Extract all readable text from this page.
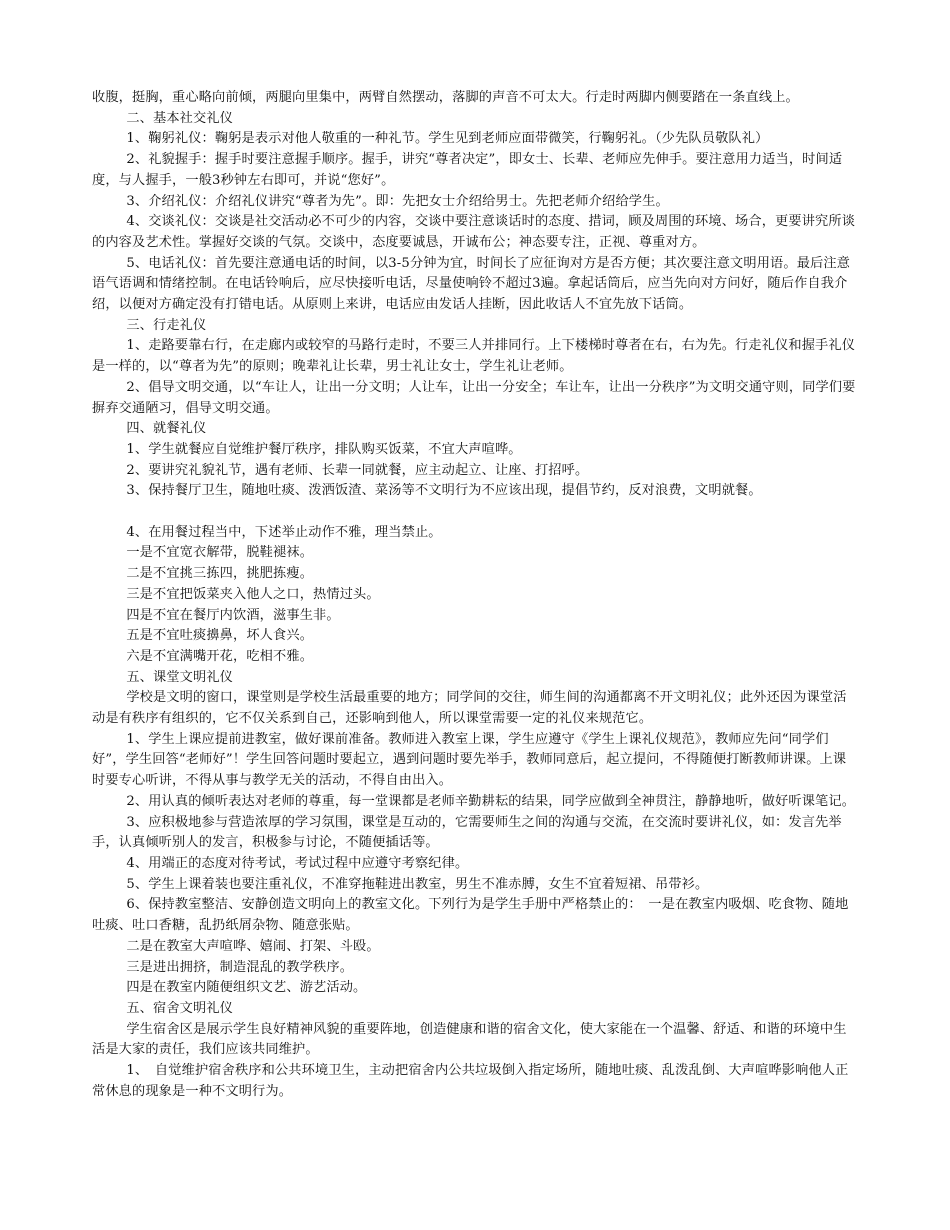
收腹，挺胸，重心略向前倾，两腿向里集中，两臂自然摆动，落脚的声音不可太大。行走时两脚内侧要踏在一条直线上。

二、基本社交礼仪

1、鞠躬礼仪：鞠躬是表示对他人敬重的一种礼节。学生见到老师应面带微笑，行鞠躬礼。（少先队员敬队礼）

2、礼貌握手：握手时要注意握手顺序。握手，讲究“尊者决定”，即女士、长辈、老师应先伸手。要注意用力适当，时间适度，与人握手，一般3秒钟左右即可，并说“您好”。

3、介绍礼仪：介绍礼仪讲究“尊者为先”。即：先把女士介绍给男士。先把老师介绍给学生。

4、交谈礼仪：交谈是社交活动必不可少的内容，交谈中要注意谈话时的态度、措词，顾及周围的环境、场合，更要讲究所谈的内容及艺术性。掌握好交谈的气氛。交谈中，态度要诚恳，开诚布公；神态要专注，正视、尊重对方。

5、电话礼仪：首先要注意通电话的时间，以3-5分钟为宜，时间长了应征询对方是否方便；其次要注意文明用语。最后注意语气语调和情绪控制。在电话铃响后，应尽快接听电话，尽量使响铃不超过3遍。拿起话筒后，应当先向对方问好，随后作自我介绍，以便对方确定没有打错电话。从原则上来讲，电话应由发话人挂断，因此收话人不宜先放下话筒。

三、行走礼仪

1、走路要靠右行，在走廊内或较窄的马路行走时，不要三人并排同行。上下楼梯时尊者在右，右为先。行走礼仪和握手礼仪是一样的，以“尊者为先”的原则；晚辈礼让长辈，男士礼让女士，学生礼让老师。

2、倡导文明交通，以“车让人，让出一分文明；人让车，让出一分安全；车让车，让出一分秩序”为文明交通守则，同学们要摒弃交通陋习，倡导文明交通。

四、就餐礼仪

1、学生就餐应自觉维护餐厅秩序，排队购买饭菜，不宜大声喧哗。

2、要讲究礼貌礼节，遇有老师、长辈一同就餐，应主动起立、让座、打招呼。

3、保持餐厅卫生，随地吐痰、泼洒饭渣、菜汤等不文明行为不应该出现，提倡节约，反对浪费，文明就餐。

4、在用餐过程当中，下述举止动作不雅，理当禁止。

一是不宜宽衣解带，脱鞋褪袜。

二是不宜挑三拣四，挑肥拣瘦。

三是不宜把饭菜夹入他人之口，热情过头。

四是不宜在餐厅内饮酒，滋事生非。

五是不宜吐痰擤鼻，坏人食兴。

六是不宜满嘴开花，吃相不雅。

五、课堂文明礼仪

学校是文明的窗口，课堂则是学校生活最重要的地方；同学间的交往，师生间的沟通都离不开文明礼仪；此外还因为课堂活动是有秩序有组织的，它不仅关系到自己，还影响到他人，所以课堂需要一定的礼仪来规范它。

1、学生上课应提前进教室，做好课前准备。教师进入教室上课，学生应遵守《学生上课礼仪规范》，教师应先问“同学们好”，学生回答“老师好”！学生回答问题时要起立，遇到问题时要先举手，教师同意后，起立提问，不得随便打断教师讲课。上课时要专心听讲，不得从事与教学无关的活动，不得自由出入。

2、用认真的倾听表达对老师的尊重，每一堂课都是老师辛勤耕耘的结果，同学应做到全神贯注，静静地听，做好听课笔记。

3、应积极地参与营造浓厚的学习氛围，课堂是互动的，它需要师生之间的沟通与交流，在交流时要讲礼仪，如：发言先举手，认真倾听别人的发言，积极参与讨论，不随便插话等。

4、用端正的态度对待考试，考试过程中应遵守考察纪律。

5、学生上课着装也要注重礼仪，不准穿拖鞋进出教室，男生不准赤膊，女生不宜着短裙、吊带衫。

6、保持教室整洁、安静创造文明向上的教室文化。下列行为是学生手册中严格禁止的：　一是在教室内吸烟、吃食物、随地吐痰、吐口香糖，乱扔纸屑杂物、随意张贴。

二是在教室大声喧哗、嬉闹、打架、斗殴。

三是进出拥挤，制造混乱的教学秩序。

四是在教室内随便组织文艺、游艺活动。

五、宿舍文明礼仪

学生宿舍区是展示学生良好精神风貌的重要阵地，创造健康和谐的宿舍文化，使大家能在一个温馨、舒适、和谐的环境中生活是大家的责任，我们应该共同维护。

1、　自觉维护宿舍秩序和公共环境卫生，主动把宿舍内公共垃圾倒入指定场所，随地吐痰、乱泼乱倒、大声喧哗影响他人正常休息的现象是一种不文明行为。
